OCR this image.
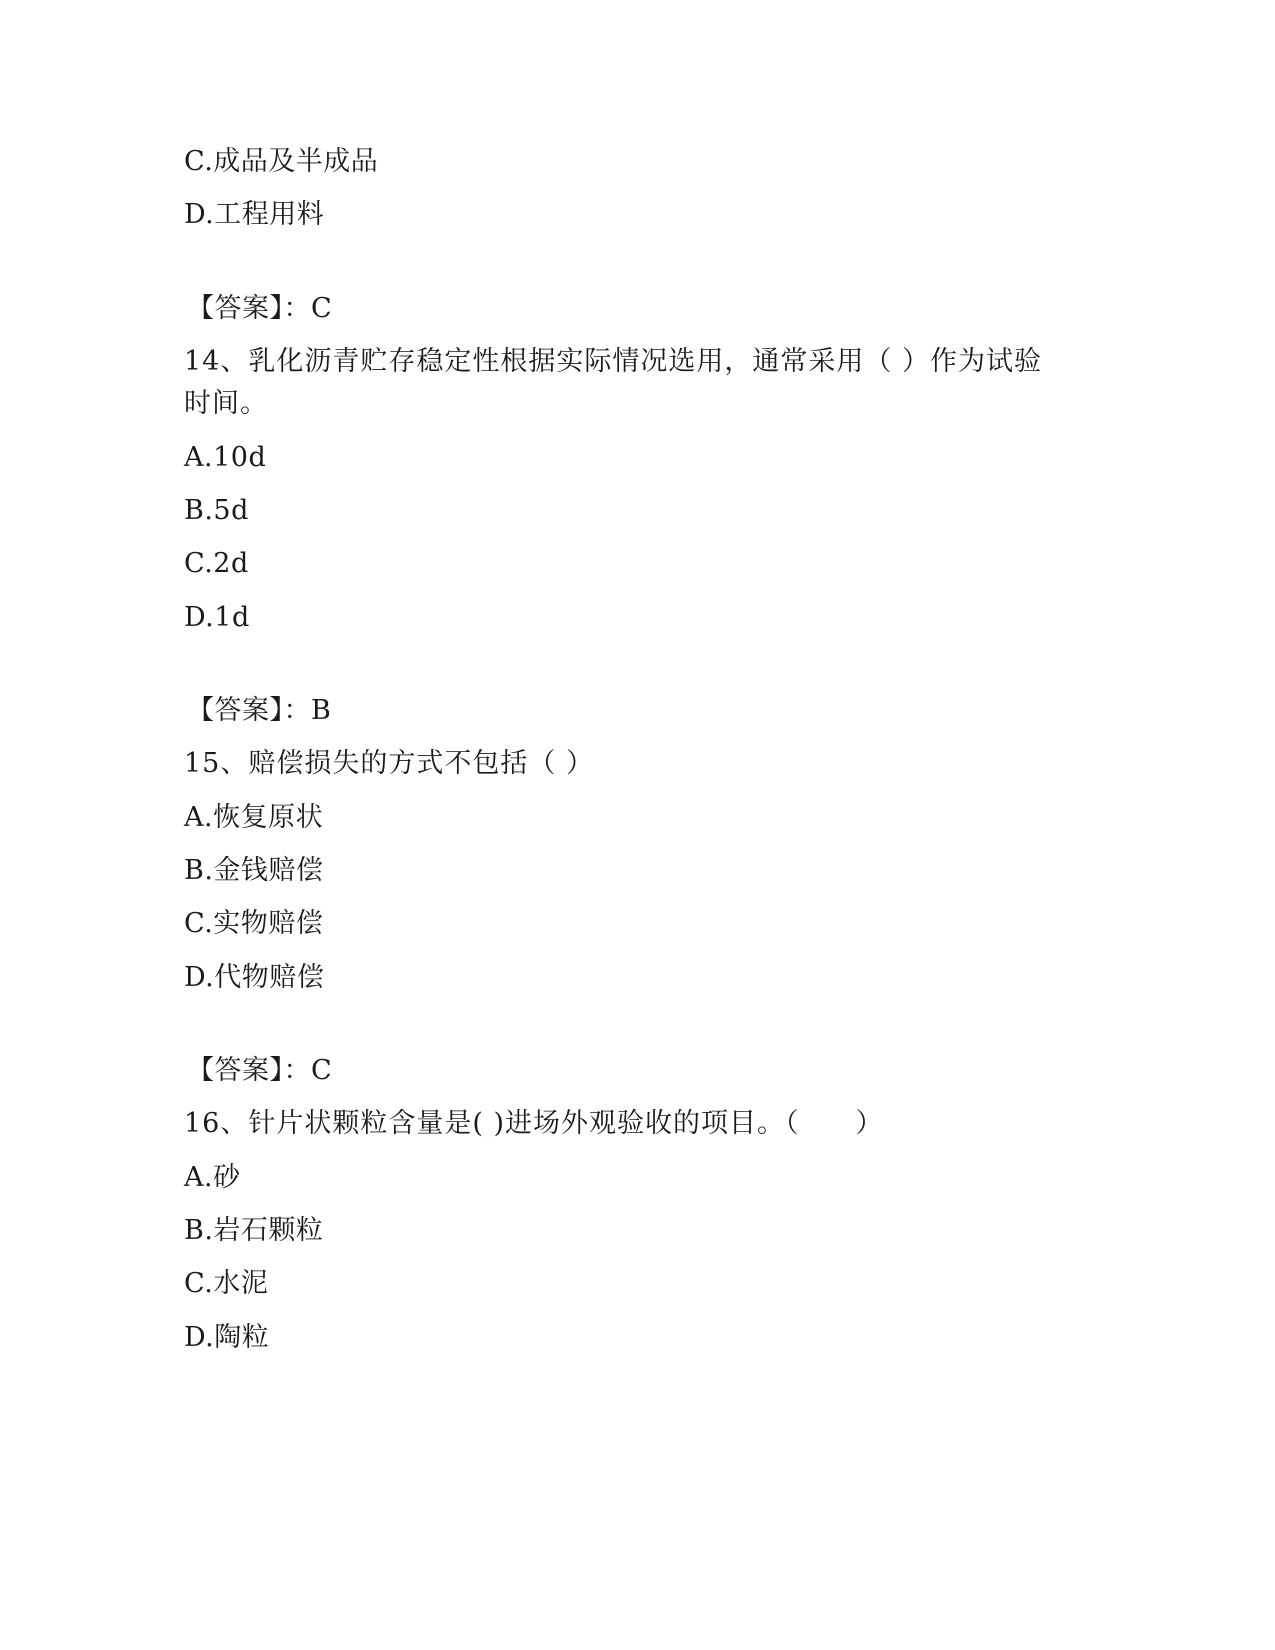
C.成品及半成品
D.工程用料
【答案】：C
14、乳化沥青贮存稳定性根据实际情况选用，通常采用（ ）作为试验
时间。
A.10d
B.5d
C.2d
D.1d
【答案】：B
15、赔偿损失的方式不包括（ ）
A.恢复原状
B.金钱赔偿
C.实物赔偿
D.代物赔偿
【答案】：C
16、针片状颗粒含量是( )进场外观验收的项目。（　　）
A.砂
B.岩石颗粒
C.水泥
D.陶粒
